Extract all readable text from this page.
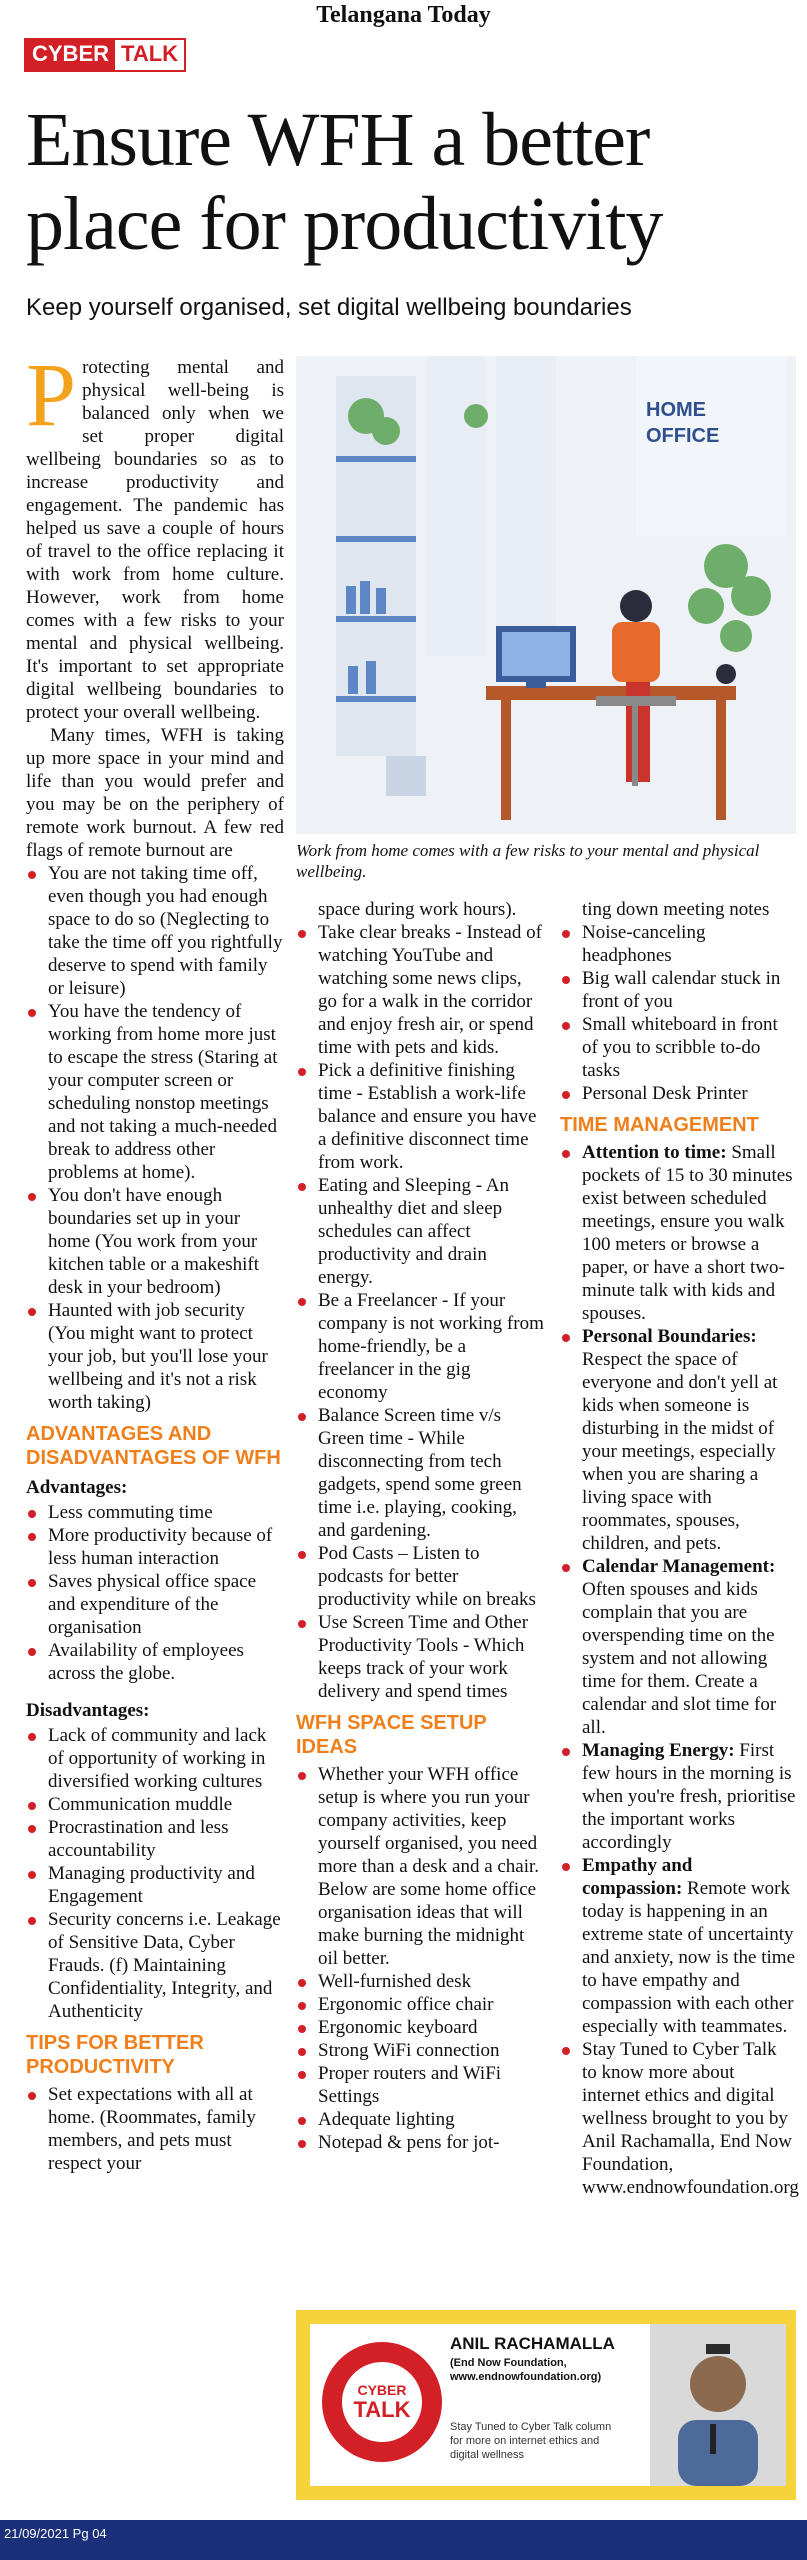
Telangana Today
CYBER TALK
Ensure WFH a better place for productivity
Keep yourself organised, set digital wellbeing boundaries
HOME
OFFICE
Work from home comes with a few risks to your mental and physical wellbeing.

Protecting mental and physical well-being is balanced only when we set proper digital wellbeing boundaries so as to increase productivity and engagement. The pandemic has helped us save a couple of hours of travel to the office replacing it with work from home culture. However, work from home comes with a few risks to your mental and physical wellbeing. It's important to set appropriate digital wellbeing boundaries to protect your overall wellbeing.

Many times, WFH is taking up more space in your mind and life than you would prefer and you may be on the periphery of remote work burnout. A few red flags of remote burnout are

You are not taking time off, even though you had enough space to do so (Neglecting to take the time off you rightfully deserve to spend with family or leisure)
You have the tendency of working from home more just to escape the stress (Staring at your computer screen or scheduling nonstop meetings and not taking a much-needed break to address other problems at home).
You don't have enough boundaries set up in your home (You work from your kitchen table or a makeshift desk in your bedroom)
Haunted with job security (You might want to protect your job, but you'll lose your wellbeing and it's not a risk worth taking)
ADVANTAGES AND DISADVANTAGES OF WFH
Advantages:
Less commuting time
More productivity because of less human interaction
Saves physical office space and expenditure of the organisation
Availability of employees across the globe.
Disadvantages:
Lack of community and lack of opportunity of working in diversified working cultures
Communication muddle
Procrastination and less accountability
Managing productivity and Engagement
Security concerns i.e. Leakage of Sensitive Data, Cyber Frauds. (f) Maintaining Confidentiality, Integrity, and Authenticity
TIPS FOR BETTER PRODUCTIVITY
Set expectations with all at home. (Roommates, family members, and pets must respect your

space during work hours).

Take clear breaks - Instead of watching YouTube and watching some news clips, go for a walk in the corridor and enjoy fresh air, or spend time with pets and kids.
Pick a definitive finishing time - Establish a work-life balance and ensure you have a definitive disconnect time from work.
Eating and Sleeping - An unhealthy diet and sleep schedules can affect productivity and drain energy.
Be a Freelancer - If your company is not working from home-friendly, be a freelancer in the gig economy
Balance Screen time v/s Green time - While disconnecting from tech gadgets, spend some green time i.e. playing, cooking, and gardening.
Pod Casts – Listen to podcasts for better productivity while on breaks
Use Screen Time and Other Productivity Tools - Which keeps track of your work delivery and spend times
WFH SPACE SETUP IDEAS
Whether your WFH office setup is where you run your company activities, keep yourself organised, you need more than a desk and a chair. Below are some home office organisation ideas that will make burning the midnight oil better.
Well-furnished desk
Ergonomic office chair
Ergonomic keyboard
Strong WiFi connection
Proper routers and WiFi Settings
Adequate lighting
Notepad & pens for jot-

ting down meeting notes

Noise-canceling headphones
Big wall calendar stuck in front of you
Small whiteboard in front of you to scribble to-do tasks
Personal Desk Printer
TIME MANAGEMENT
Attention to time: Small pockets of 15 to 30 minutes exist between scheduled meetings, ensure you walk 100 meters or browse a paper, or have a short two-minute talk with kids and spouses.
Personal Boundaries: Respect the space of everyone and don't yell at kids when someone is disturbing in the midst of your meetings, especially when you are sharing a living space with roommates, spouses, children, and pets.
Calendar Management: Often spouses and kids complain that you are overspending time on the system and not allowing time for them. Create a calendar and slot time for all.
Managing Energy: First few hours in the morning is when you're fresh, prioritise the important works accordingly
Empathy and compassion: Remote work today is happening in an extreme state of uncertainty and anxiety, now is the time to have empathy and compassion with each other especially with teammates.
Stay Tuned to Cyber Talk to know more about internet ethics and digital wellness brought to you by Anil Rachamalla, End Now Foundation, www.endnowfoundation.org
CYBER
TALK
ANIL RACHAMALLA
(End Now Foundation, www.endnowfoundation.org)
Stay Tuned to Cyber Talk column for more on internet ethics and digital wellness
21/09/2021 Pg 04
